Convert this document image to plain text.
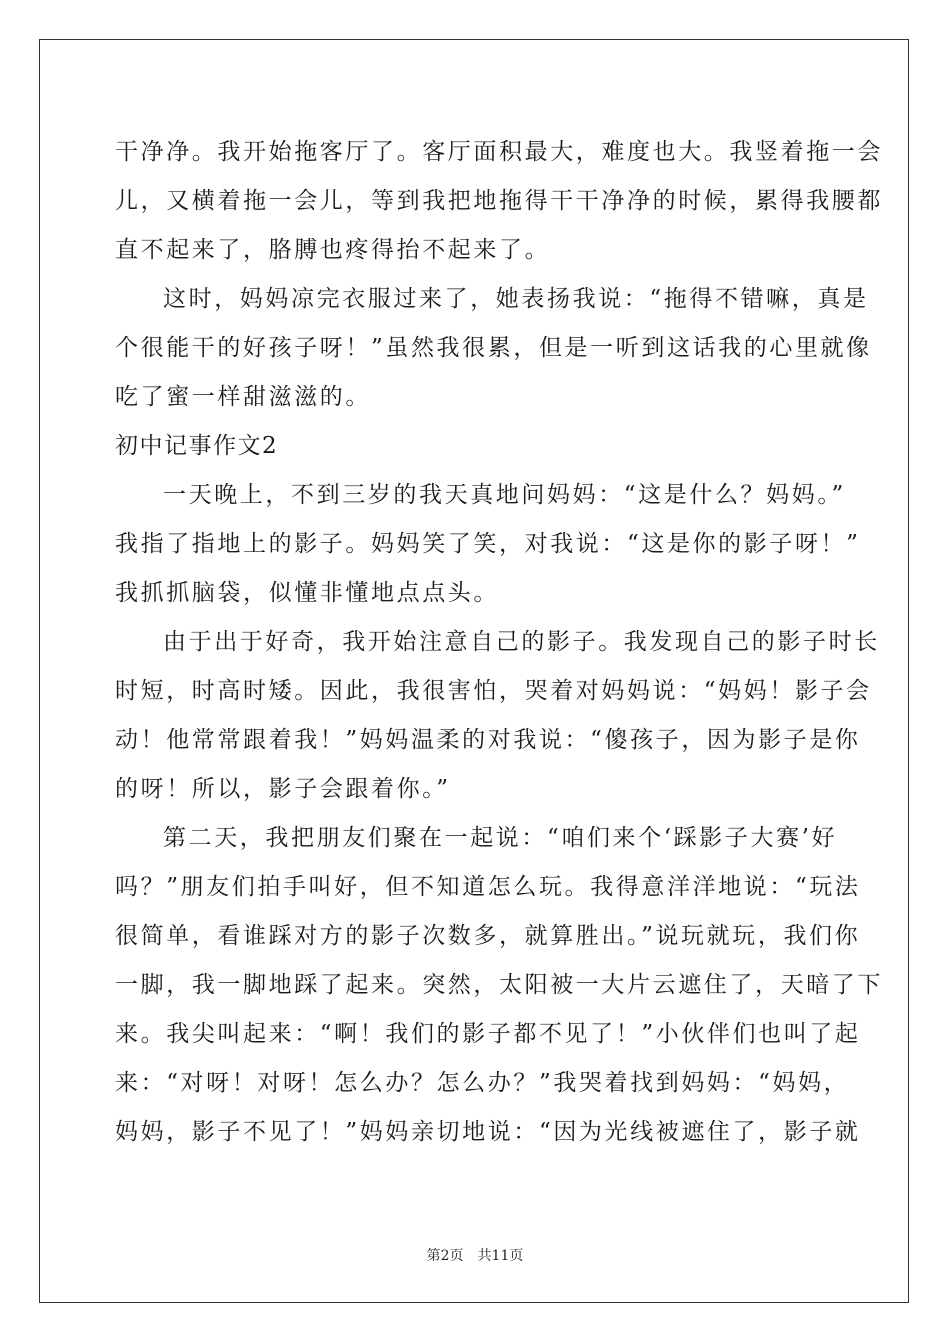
干净净。我开始拖客厅了。客厅面积最大，难度也大。我竖着拖一会
儿，又横着拖一会儿，等到我把地拖得干干净净的时候，累得我腰都
直不起来了，胳膊也疼得抬不起来了。
这时，妈妈凉完衣服过来了，她表扬我说：“拖得不错嘛，真是
个很能干的好孩子呀！”虽然我很累，但是一听到这话我的心里就像
吃了蜜一样甜滋滋的。
初中记事作文2
一天晚上，不到三岁的我天真地问妈妈：“这是什么？妈妈。”
我指了指地上的影子。妈妈笑了笑，对我说：“这是你的影子呀！”
我抓抓脑袋，似懂非懂地点点头。
由于出于好奇，我开始注意自己的影子。我发现自己的影子时长
时短，时高时矮。因此，我很害怕，哭着对妈妈说：“妈妈！影子会
动！他常常跟着我！”妈妈温柔的对我说：“傻孩子，因为影子是你
的呀！所以，影子会跟着你。”
第二天，我把朋友们聚在一起说：“咱们来个‘踩影子大赛’好
吗？”朋友们拍手叫好，但不知道怎么玩。我得意洋洋地说：“玩法
很简单，看谁踩对方的影子次数多，就算胜出。”说玩就玩，我们你
一脚，我一脚地踩了起来。突然，太阳被一大片云遮住了，天暗了下
来。我尖叫起来：“啊！我们的影子都不见了！”小伙伴们也叫了起
来：“对呀！对呀！怎么办？怎么办？”我哭着找到妈妈：“妈妈，
妈妈，影子不见了！”妈妈亲切地说：“因为光线被遮住了，影子就
第2页 共11页
